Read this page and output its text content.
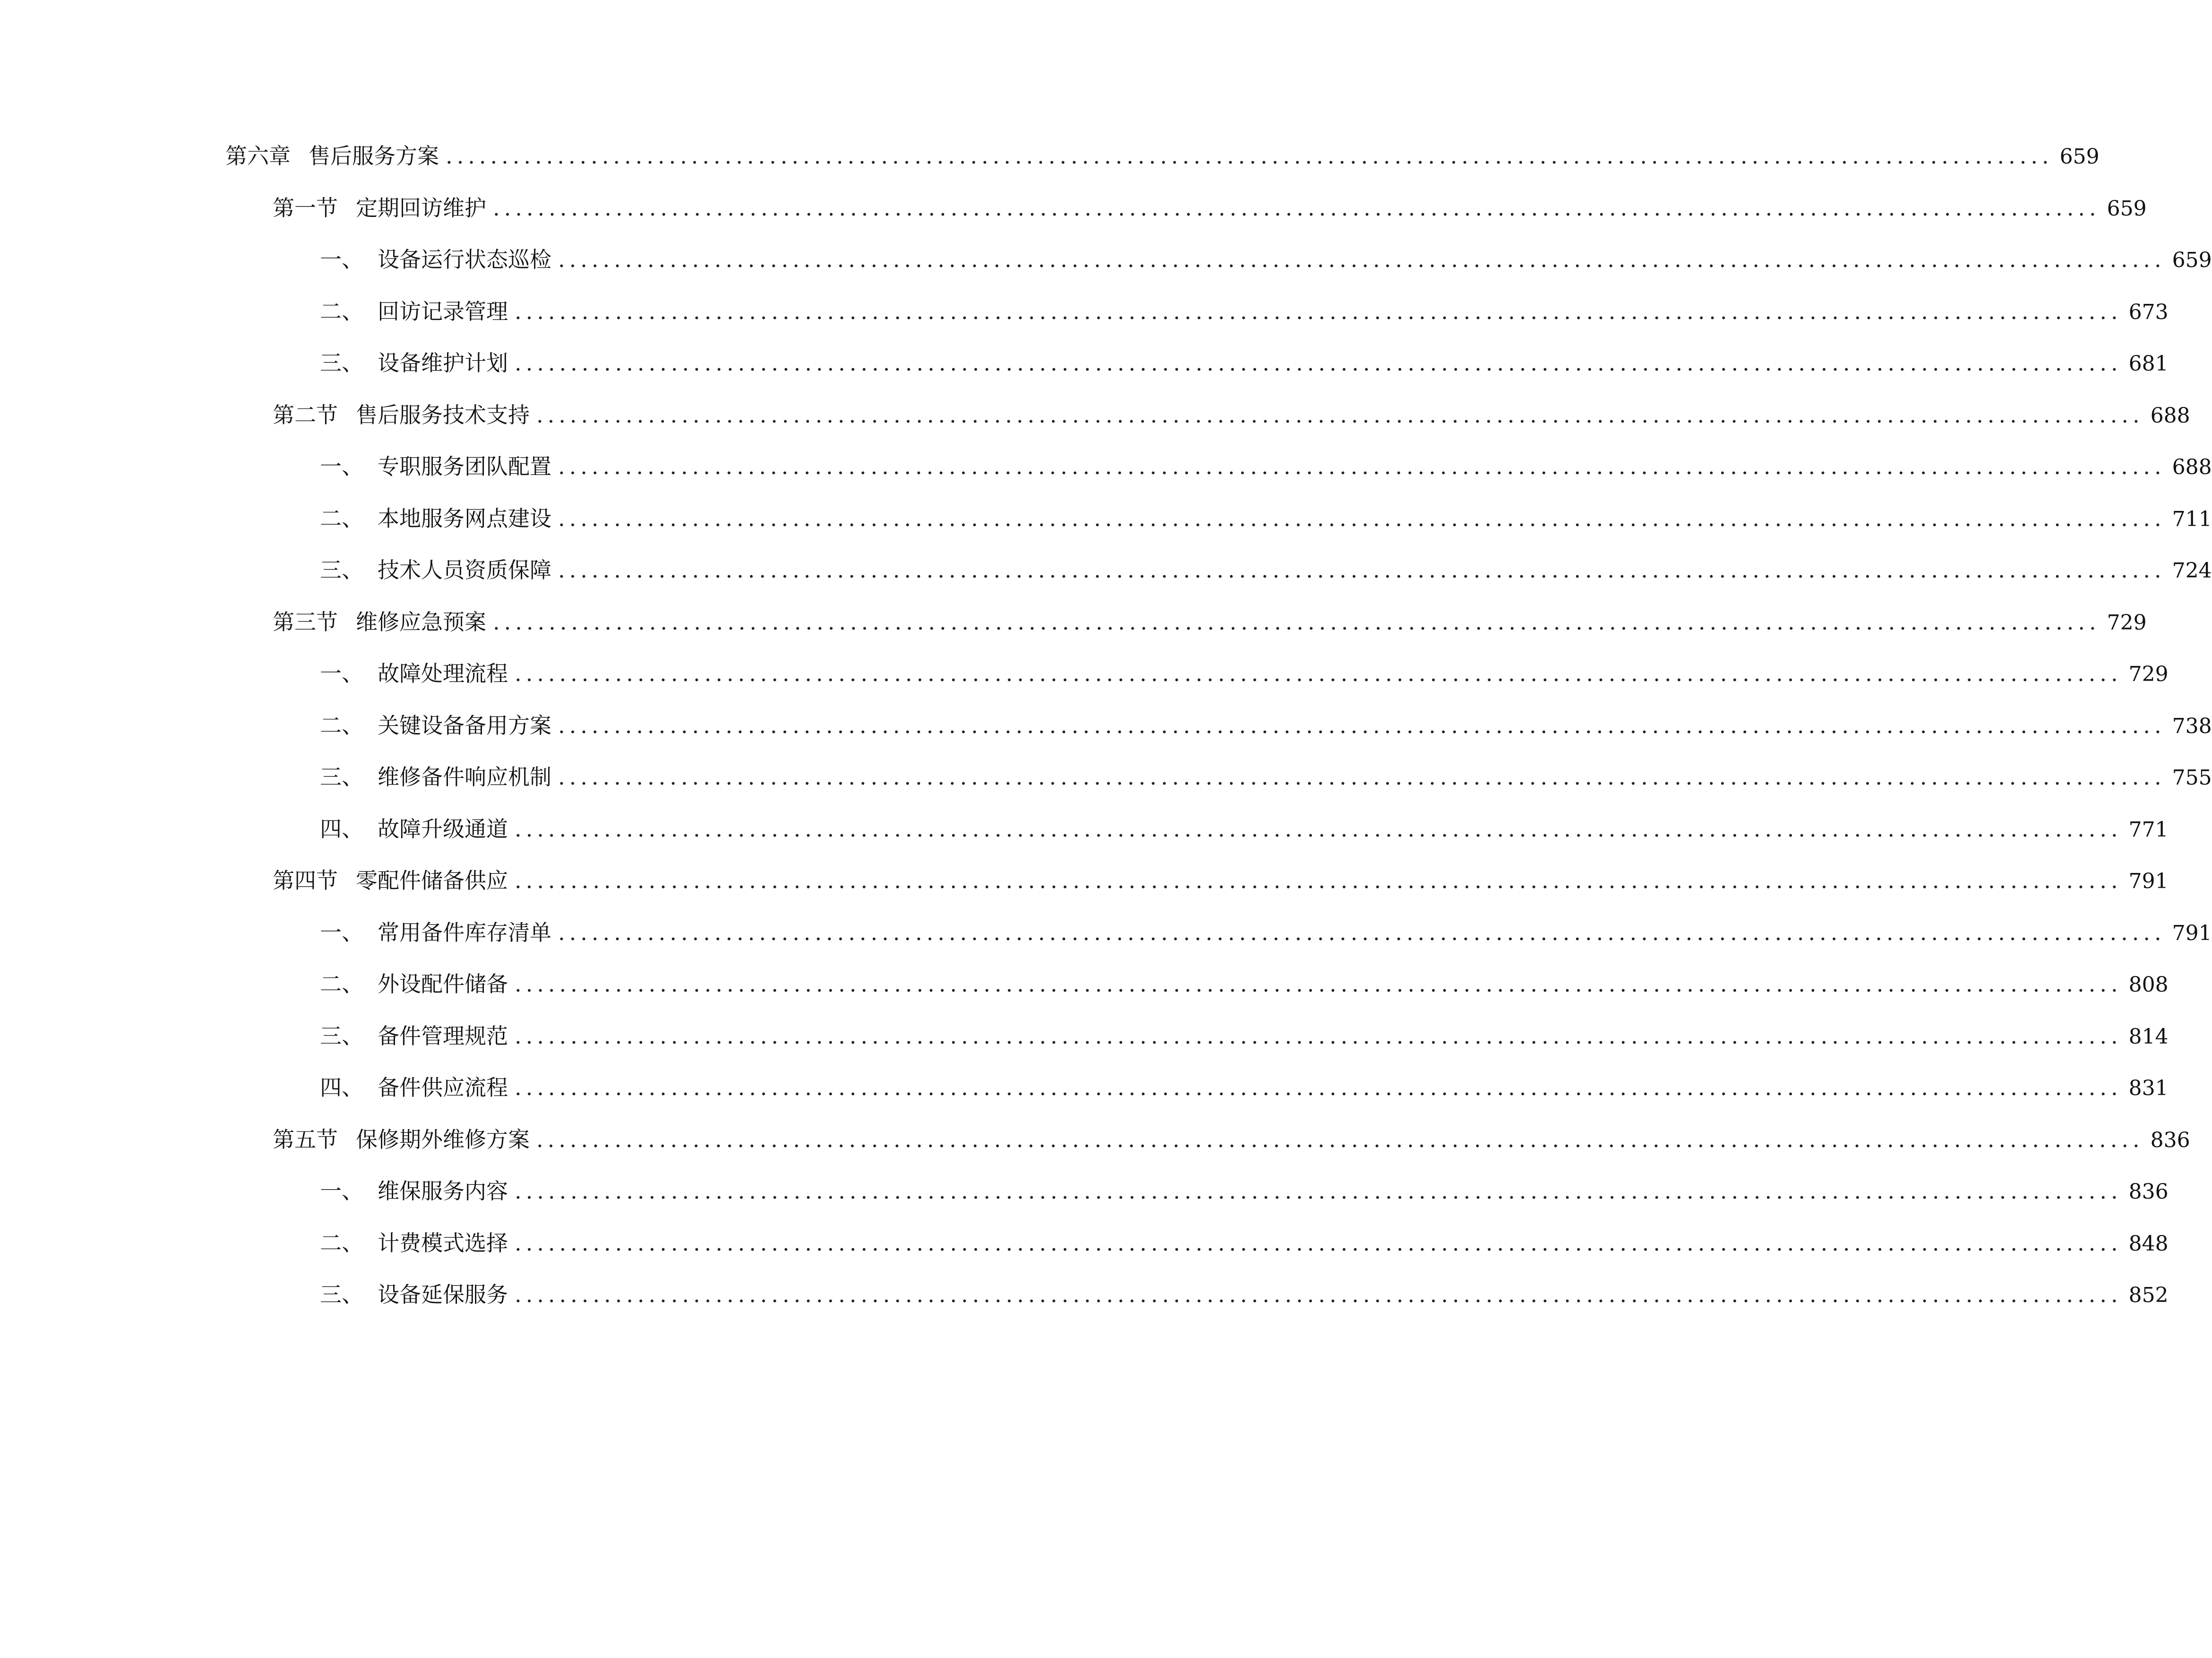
第六章 售后服务方案 ................................................................................................................................................ 659
第一节 定期回访维护 ................................................................................................................................................ 659
一、 设备运行状态巡检 ................................................................................................................................................ 659
二、 回访记录管理 ................................................................................................................................................ 673
三、 设备维护计划 ................................................................................................................................................ 681
第二节 售后服务技术支持 ................................................................................................................................................ 688
一、 专职服务团队配置 ................................................................................................................................................ 688
二、 本地服务网点建设 ................................................................................................................................................ 711
三、 技术人员资质保障 ................................................................................................................................................ 724
第三节 维修应急预案 ................................................................................................................................................ 729
一、 故障处理流程 ................................................................................................................................................ 729
二、 关键设备备用方案 ................................................................................................................................................ 738
三、 维修备件响应机制 ................................................................................................................................................ 755
四、 故障升级通道 ................................................................................................................................................ 771
第四节 零配件储备供应 ................................................................................................................................................ 791
一、 常用备件库存清单 ................................................................................................................................................ 791
二、 外设配件储备 ................................................................................................................................................ 808
三、 备件管理规范 ................................................................................................................................................ 814
四、 备件供应流程 ................................................................................................................................................ 831
第五节 保修期外维修方案 ................................................................................................................................................ 836
一、 维保服务内容 ................................................................................................................................................ 836
二、 计费模式选择 ................................................................................................................................................ 848
三、 设备延保服务 ................................................................................................................................................ 852
